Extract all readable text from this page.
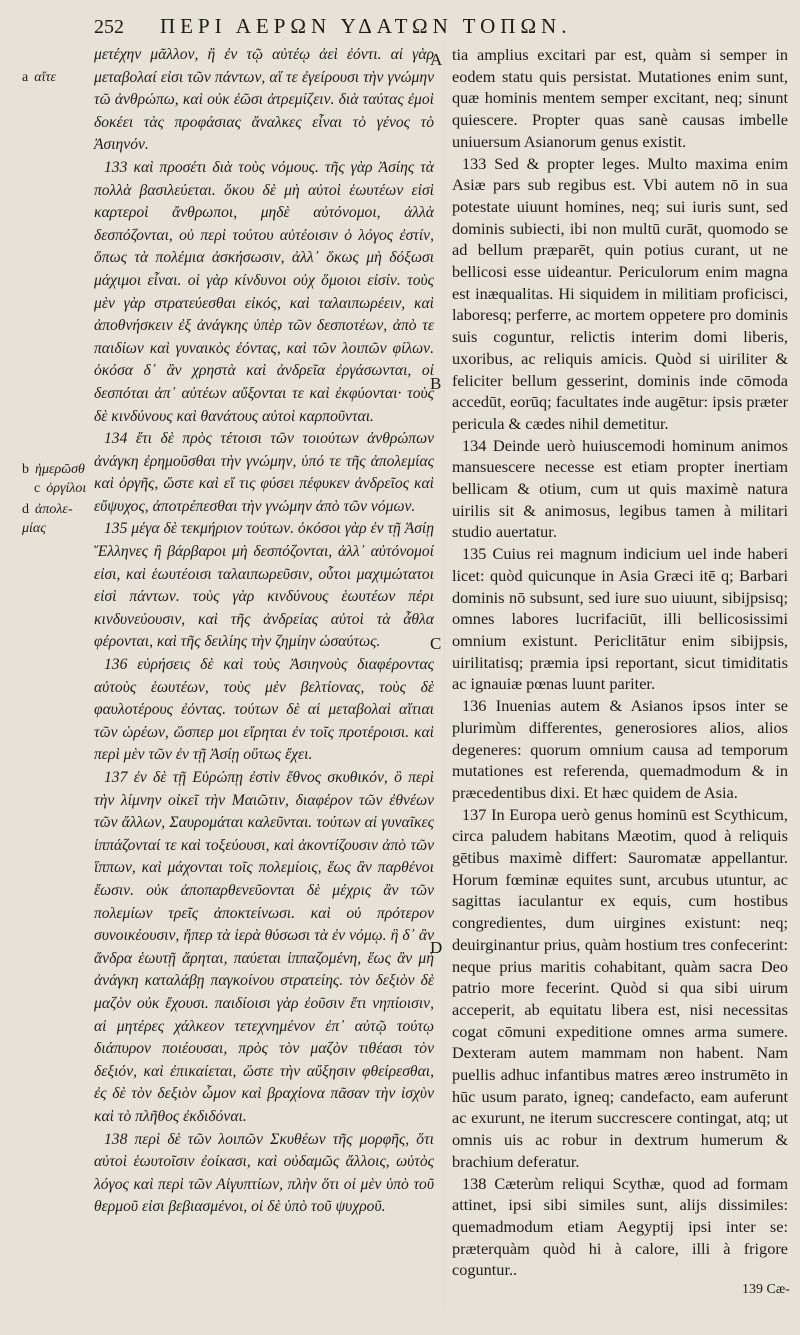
252 ΠΕΡΙ ΑΕΡΩΝ ΥΔΑΤΩΝ ΤΟΠΩΝ.
a αἴτε
b ἡμερῶσθ
c ὀργίλοι
d ἀπολε-μίας

μετέχην μᾶλλον, ἢ ἐν τῷ αὐτέῳ ἀεὶ ἐόντι. αἱ γὰρ μεταβολαί εἰσι τῶν πάντων, αἵ τε ἐγείρουσι τὴν γνώμην τῶ ἀνθρώπω, καὶ οὐκ ἐῶσι ἀτρεμίζειν. διὰ ταύτας ἐμοὶ δοκέει τὰς προφάσιας ἄναλκες εἶναι τὸ γένος τὸ Ἀσιηνόν.

133 καὶ προσέτι διὰ τοὺς νόμους. τῆς γὰρ Ἀσίης τὰ πολλὰ βασιλεύεται. ὅκου δὲ μὴ αὐτοὶ ἑωυτέων εἰσὶ καρτεροὶ ἄνθρωποι, μηδὲ αὐτόνομοι, ἀλλὰ δεσπόζονται, οὐ περὶ τούτου αὐτέοισιν ὁ λόγος ἐστίν, ὅπως τὰ πολέμια ἀσκήσωσιν, ἀλλ᾽ ὅκως μὴ δόξωσι μάχιμοι εἶναι. οἱ γὰρ κίνδυνοι οὐχ ὅμοιοι εἰσίν. τοὺς μὲν γὰρ στρατεύεσθαι εἰκός, καὶ ταλαιπωρέειν, καὶ ἀποθνήσκειν ἐξ ἀνάγκης ὑπὲρ τῶν δεσποτέων, ἀπὸ τε παιδίων καὶ γυναικὸς ἐόντας, καὶ τῶν λοιπῶν φίλων. ὁκόσα δ᾽ ἂν χρηστὰ καὶ ἀνδρεῖα ἐργάσωνται, οἱ δεσπόται ἀπ᾽ αὐτέων αὔξονται τε καὶ ἐκφύονται· τοὺς δὲ κινδύνους καὶ θανάτους αὐτοὶ καρποῦνται.

134 ἔτι δὲ πρὸς τέτοισι τῶν τοιούτων ἀνθρώπων ἀνάγκη ἐρημοῦσθαι τὴν γνώμην, ὑπό τε τῆς ἀπολεμίας καὶ ὀργῆς, ὥστε καὶ εἴ τις φύσει πέφυκεν ἀνδρεῖος καὶ εὔψυχος, ἀποτρέπεσθαι τὴν γνώμην ἀπὸ τῶν νόμων.

135 μέγα δὲ τεκμήριον τούτων. ὁκόσοι γὰρ ἐν τῇ Ἀσίῃ Ἕλληνες ἢ βάρβαροι μὴ δεσπόζονται, ἀλλ᾽ αὐτόνομοί εἰσι, καὶ ἑωυτέοισι ταλαιπωρεῦσιν, οὗτοι μαχιμώτατοι εἰσὶ πάντων. τοὺς γὰρ κινδύνους ἑωυτέων πέρι κινδυνεύουσιν, καὶ τῆς ἀνδρείας αὐτοὶ τὰ ἆθλα φέρονται, καὶ τῆς δειλίης τὴν ζημίην ὡσαύτως.

136 εὑρήσεις δὲ καὶ τοὺς Ἀσιηνοὺς διαφέροντας αὐτοὺς ἑωυτέων, τοὺς μὲν βελτίονας, τοὺς δὲ φαυλοτέρους ἐόντας. τούτων δὲ αἱ μεταβολαὶ αἴτιαι τῶν ὡρέων, ὥσπερ μοι εἴρηται ἐν τοῖς προτέροισι. καὶ περὶ μὲν τῶν ἐν τῇ Ἀσίῃ οὕτως ἔχει.

137 ἐν δὲ τῇ Εὐρώπῃ ἐστὶν ἔθνος σκυθικόν, ὃ περὶ τὴν λίμνην οἰκεῖ τὴν Μαιῶτιν, διαφέρον τῶν ἐθνέων τῶν ἄλλων, Σαυρομάται καλεῦνται. τούτων αἱ γυναῖκες ἱππάζονταί τε καὶ τοξεύουσι, καὶ ἀκοντίζουσιν ἀπὸ τῶν ἵππων, καὶ μάχονται τοῖς πολεμίοις, ἕως ἂν παρθένοι ἔωσιν. οὐκ ἀποπαρθενεῦονται δὲ μέχρις ἂν τῶν πολεμίων τρεῖς ἀποκτείνωσι. καὶ οὐ πρότερον συνοικέουσιν, ἤπερ τὰ ἱερὰ θύσωσι τὰ ἐν νόμῳ. ἣ δ᾽ ἂν ἄνδρα ἑωυτῇ ἄρηται, παύεται ἱππαζομένη, ἕως ἂν μὴ ἀνάγκη καταλάβῃ παγκοίνου στρατείης. τὸν δεξιὸν δὲ μαζὸν οὐκ ἔχουσι. παιδίοισι γὰρ ἐοῦσιν ἔτι νηπίοισιν, αἱ μητέρες χάλκεον τετεχνημένον ἐπ᾽ αὐτῷ τούτῳ διάπυρον ποιέουσαι, πρὸς τὸν μαζὸν τιθέασι τὸν δεξιόν, καὶ ἐπικαίεται, ὥστε τὴν αὔξησιν φθείρεσθαι, ἐς δὲ τὸν δεξιὸν ὦμον καὶ βραχίονα πᾶσαν τὴν ἰσχὺν καὶ τὸ πλῆθος ἐκδιδόναι.

138 περὶ δὲ τῶν λοιπῶν Σκυθέων τῆς μορφῆς, ὅτι αὐτοὶ ἑωυτοῖσιν ἐοίκασι, καὶ οὐδαμῶς ἄλλοις, ωὑτὸς λόγος καὶ περὶ τῶν Αἰγυπτίων, πλὴν ὅτι οἱ μὲν ὑπὸ τοῦ θερμοῦ εἰσι βεβιασμένοι, οἱ δὲ ὑπὸ τοῦ ψυχροῦ.

A
B
C
D

tia amplius excitari par est, quàm si semper in eodem statu quis persistat. Mutationes enim sunt, quæ hominis mentem semper excitant, neq; sinunt quiescere. Propter quas sanè causas imbelle uniuersum Asianorum genus existit.

133 Sed & propter leges. Multo maxima enim Asiæ pars sub regibus est. Vbi autem nō in sua potestate uiuunt homines, neq; sui iuris sunt, sed dominis subiecti, ibi non multū curāt, quomodo se ad bellum præparēt, quin potius curant, ut ne bellicosi esse uideantur. Periculorum enim magna est inæqualitas. Hi siquidem in militiam proficisci, laboresq; perferre, ac mortem oppetere pro dominis suis coguntur, relictis interim domi liberis, uxoribus, ac reliquis amicis. Quòd si uiriliter & feliciter bellum gesserint, dominis inde cōmoda accedūt, eorūq; facultates inde augētur: ipsis præter pericula & cædes nihil demetitur.

134 Deinde uerò huiuscemodi hominum animos mansuescere necesse est etiam propter inertiam bellicam & otium, cum ut quis maximè natura uirilis sit & animosus, legibus tamen à militari studio auertatur.

135 Cuius rei magnum indicium uel inde haberi licet: quòd quicunque in Asia Græci itē q; Barbari dominis nō subsunt, sed iure suo uiuunt, sibijpsisq; omnes labores lucrifaciūt, illi bellicosissimi omnium existunt. Periclitātur enim sibijpsis, uirilitatisq; præmia ipsi reportant, sicut timiditatis ac ignauiæ pœnas luunt pariter.

136 Inuenias autem & Asianos ipsos inter se plurimùm differentes, generosiores alios, alios degeneres: quorum omnium causa ad temporum mutationes est referenda, quemadmodum & in præcedentibus dixi. Et hæc quidem de Asia.

137 In Europa uerò genus hominū est Scythicum, circa paludem habitans Mæotim, quod à reliquis gētibus maximè differt: Sauromatæ appellantur. Horum fœminæ equites sunt, arcubus utuntur, ac sagittas iaculantur ex equis, cum hostibus congredientes, dum uirgines existunt: neq; deuirginantur prius, quàm hostium tres confecerint: neque prius maritis cohabitant, quàm sacra Deo patrio more fecerint. Quòd si qua sibi uirum acceperit, ab equitatu libera est, nisi necessitas cogat cōmuni expeditione omnes arma sumere. Dexteram autem mammam non habent. Nam puellis adhuc infantibus matres æreo instrumēto in hūc usum parato, igneq; candefacto, eam auferunt ac exurunt, ne iterum succrescere contingat, atq; ut omnis uis ac robur in dextrum humerum & brachium deferatur.

138 Cæterùm reliqui Scythæ, quod ad formam attinet, ipsi sibi similes sunt, alijs dissimiles: quemadmodum etiam Aegyptij ipsi inter se: præterquàm quòd hi à calore, illi à frigore coguntur..

139 Cæ-
